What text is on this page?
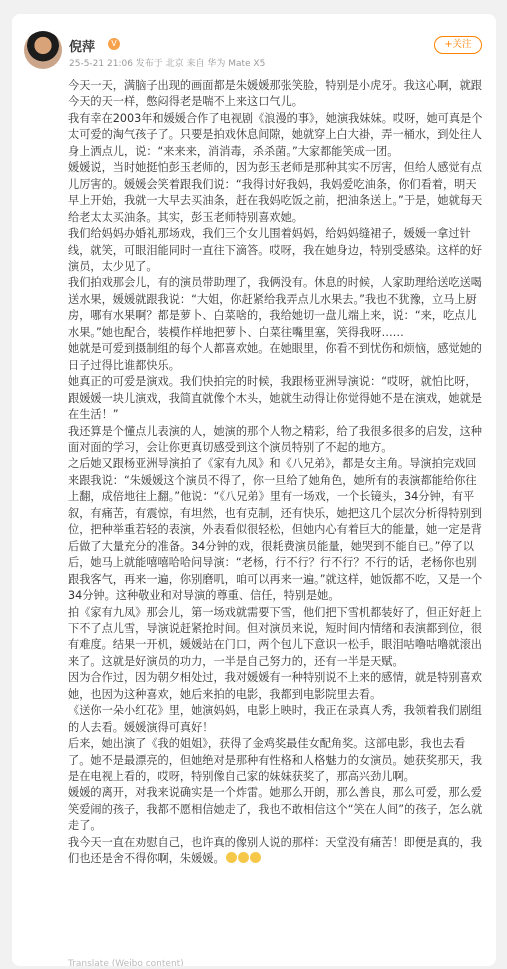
倪萍	V
25-5-21 21:06 发布于 北京 来自 华为 Mate X5
+关注

今天一天，满脑子出现的画面都是朱媛媛那张笑脸，特别是小虎牙。我这心啊，就跟今天的天一样，憋闷得老是喘不上来这口气儿。

我有幸在2003年和媛媛合作了电视剧《浪漫的事》，她演我妹妹。哎呀，她可真是个太可爱的淘气孩子了。只要是拍戏休息间隙，她就穿上白大褂，弄一桶水，到处往人身上洒点儿，说：“来来来，消消毒，杀杀菌。”大家都能笑成一团。

媛媛说，当时她挺怕彭玉老师的，因为彭玉老师是那种其实不厉害，但给人感觉有点儿厉害的。媛媛会笑着跟我们说：“我得讨好我妈，我妈爱吃油条，你们看着，明天早上开始，我就一大早去买油条，赶在我妈吃饭之前，把油条送上。”于是，她就每天给老太太买油条。其实，彭玉老师特别喜欢她。

我们给妈妈办婚礼那场戏，我们三个女儿围着妈妈，给妈妈缝裙子，媛媛一拿过针线，就笑，可眼泪能同时一直往下滴答。哎呀，我在她身边，特别受感染。这样的好演员，太少见了。

我们拍戏那会儿，有的演员带助理了，我俩没有。休息的时候，人家助理给送吃送喝送水果，媛媛就跟我说：“大姐，你赶紧给我弄点儿水果去。”我也不犹豫，立马上厨房，哪有水果啊？都是萝卜、白菜啥的，我给她切一盘儿端上来，说：“来，吃点儿水果。”她也配合，装模作样地把萝卜、白菜往嘴里塞，笑得我呀……

她就是可爱到摄制组的每个人都喜欢她。在她眼里，你看不到忧伤和烦恼，感觉她的日子过得比谁都快乐。

她真正的可爱是演戏。我们快拍完的时候，我跟杨亚洲导演说：“哎呀，就怕比呀，跟媛媛一块儿演戏，我简直就像个木头，她就生动得让你觉得她不是在演戏，她就是在生活！”

我还算是个懂点儿表演的人，她演的那个人物之精彩，给了我很多很多的启发，这种面对面的学习，会让你更真切感受到这个演员特别了不起的地方。

之后她又跟杨亚洲导演拍了《家有九凤》和《八兄弟》，都是女主角。导演拍完戏回来跟我说：“朱媛媛这个演员不得了，你一旦给了她角色，她所有的表演都能给你往上翻，成倍地往上翻。”他说：“《八兄弟》里有一场戏，一个长镜头，34分钟，有平叙，有痛苦，有震惊，有坦然，也有克制，还有快乐，她把这几个层次分析得特别到位，把种举重若轻的表演，外表看似很轻松，但她内心有着巨大的能量，她一定是背后做了大量充分的准备。34分钟的戏，很耗费演员能量，她哭到不能自已。”停了以后，她马上就能嘻嘻哈哈问导演：“老杨，行不行？行不行？不行的话，老杨你也别跟我客气，再来一遍，你别磨叽，咱可以再来一遍。”就这样，她饭都不吃，又是一个34分钟。这种敬业和对导演的尊重、信任，特别是她。

拍《家有九凤》那会儿，第一场戏就需要下雪，他们把下雪机都装好了，但正好赶上下不了点儿雪，导演说赶紧抢时间。但对演员来说，短时间内情绪和表演都到位，很有难度。结果一开机，媛媛站在门口，两个包儿下意识一松手，眼泪咕噜咕噜就滚出来了。这就是好演员的功力，一半是自己努力的，还有一半是天赋。

因为合作过，因为朝夕相处过，我对媛媛有一种特别说不上来的感情，就是特别喜欢她，也因为这种喜欢，她后来拍的电影，我都到电影院里去看。

《送你一朵小红花》里，她演妈妈，电影上映时，我正在录真人秀，我领着我们剧组的人去看。媛媛演得可真好！

后来，她出演了《我的姐姐》，获得了金鸡奖最佳女配角奖。这部电影，我也去看了。她不是最漂亮的，但她绝对是那种有性格和人格魅力的女演员。她获奖那天，我是在电视上看的，哎呀，特别像自己家的妹妹获奖了，那高兴劲儿啊。

媛媛的离开，对我来说确实是一个炸雷。她那么开朗，那么善良，那么可爱，那么爱笑爱闹的孩子，我都不愿相信她走了，我也不敢相信这个“笑在人间”的孩子，怎么就走了。

我今天一直在劝慰自己，也许真的像别人说的那样：天堂没有痛苦！即便是真的，我们也还是舍不得你啊，朱媛媛。

Translate (Weibo content)
